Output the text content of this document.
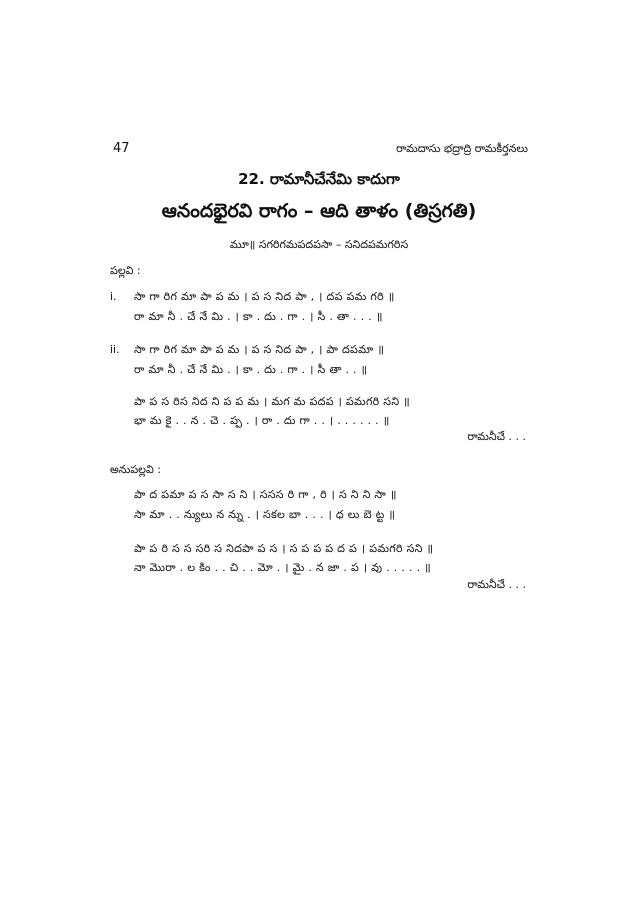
47	రామదాసు భద్రాద్రి రామకీర్తనలు
22. రామానీచేనేమి కాదుగా
ఆనందభైరవి రాగం – ఆది తాళం (తిస్రగతి)
మూ॥ సగరిగమపదపసా – సనిదపమగరిస
పల్లవి :
i. సా గా రిగ మా పా ప మ । ప స నిద పా , । దప పమ గరి ॥
రా మా నీ . చే నే మి . । కా . దు . గా . । సీ . తా . . . ॥
ii. సా గా రిగ మా పా ప మ । ప స నిద పా , । పా దపమా ॥
రా మా నీ . చే నే మి . । కా . దు . గా . । సీ తా . . ॥
పా ప స రిస నిద ని ప ప మ । మగ మ పదప । పమగరి సని ॥
భా మ కై . . న . చె . ప్ప . । రా . దు గా . . । . . . . . . ॥
రామనీచే . . .
అనుపల్లవి :
పా ద పమా ప స సా స ని । ససస రి గా , రి । స ని ని సా ॥
సా మా . . న్యులు న న్ను . । సకల బా . . . । ధ లు బె ట్ట ॥
పా ప రి స స సరి స నిదపా ప స । స ప ప ప ద ప । పమగరి సని ॥
నా మొరా . ల కిం . . చి . . మో . । మై . న జా . ప । వు . . . . . ॥
రామనీచే . . .
